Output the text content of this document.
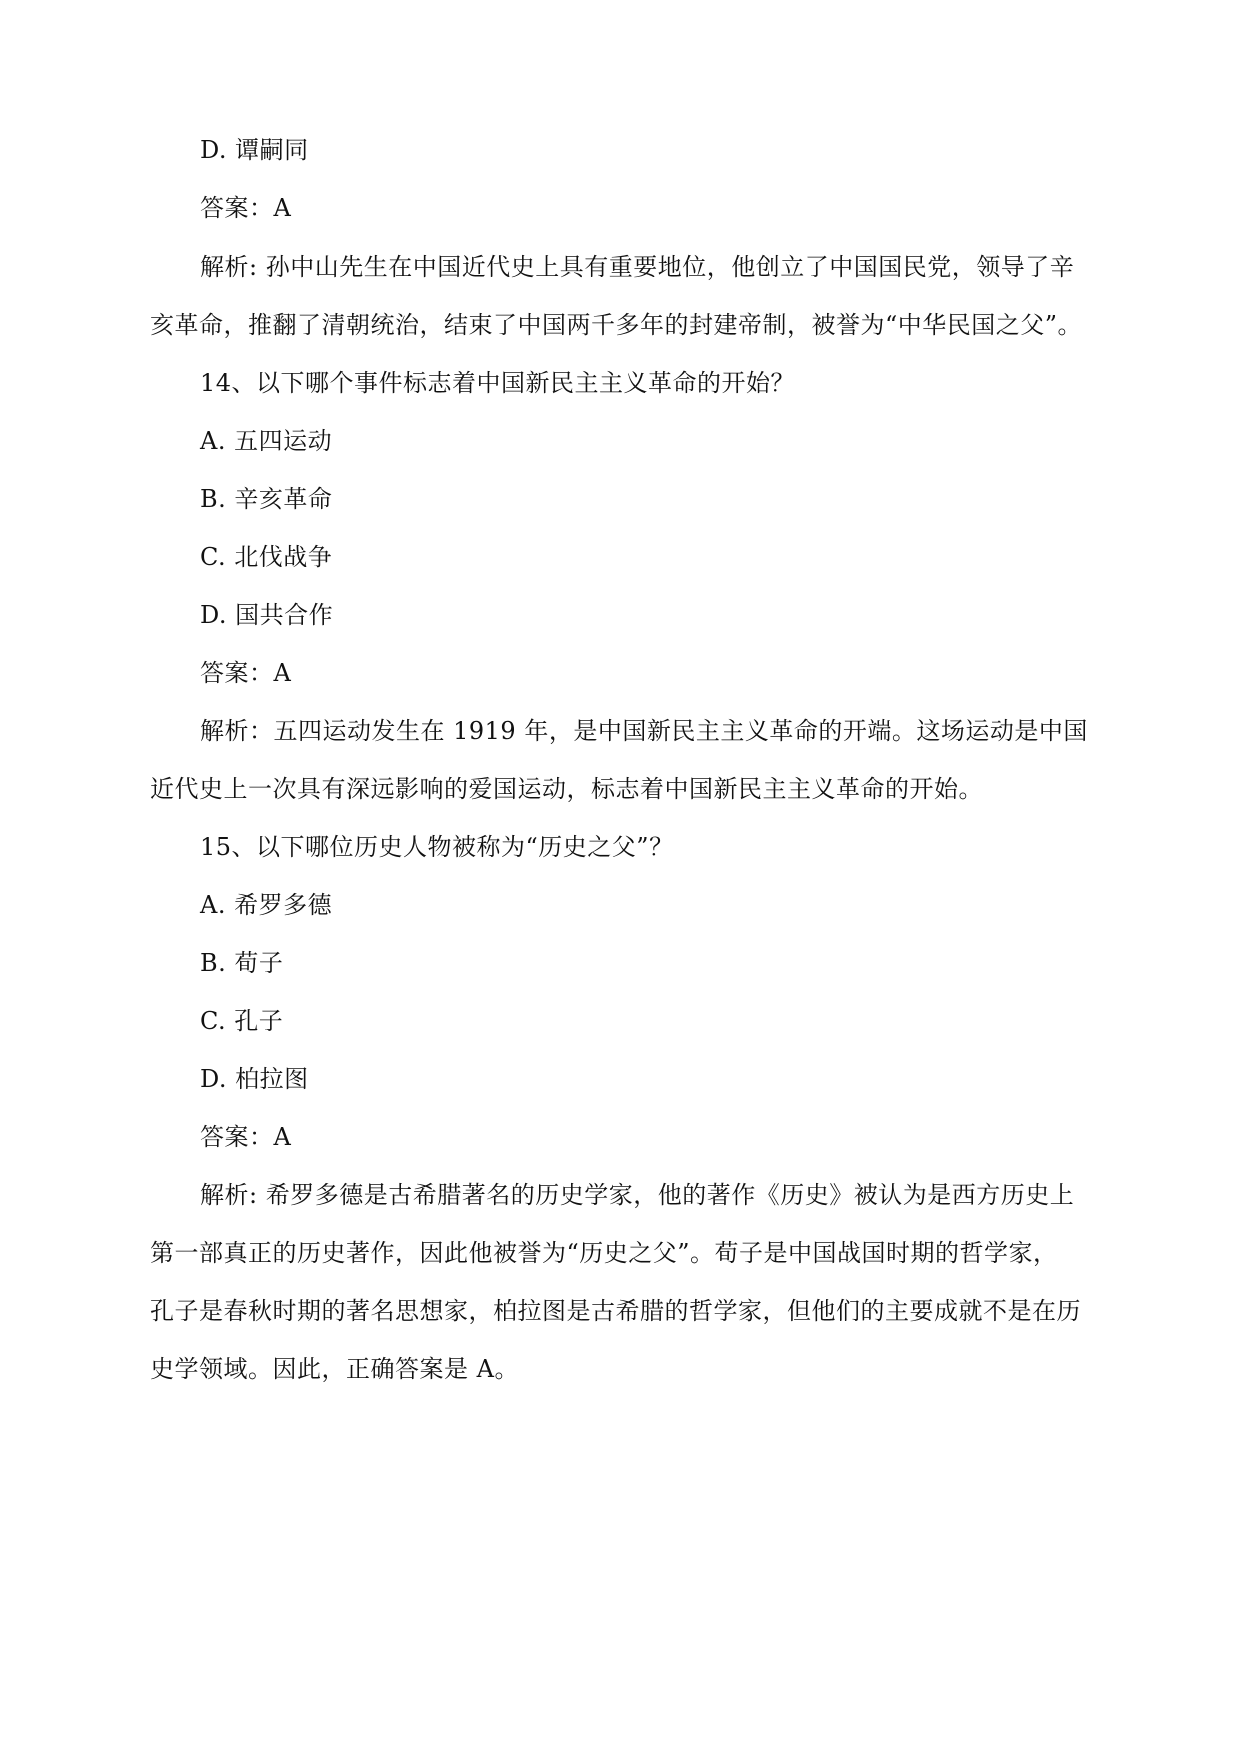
D. 谭嗣同
答案：A
解析: 孙中山先生在中国近代史上具有重要地位，他创立了中国国民党，领导了辛
亥革命，推翻了清朝统治，结束了中国两千多年的封建帝制，被誉为“中华民国之父”。
14、以下哪个事件标志着中国新民主主义革命的开始？
A. 五四运动
B. 辛亥革命
C. 北伐战争
D. 国共合作
答案：A
解析：五四运动发生在 1919 年，是中国新民主主义革命的开端。这场运动是中国
近代史上一次具有深远影响的爱国运动，标志着中国新民主主义革命的开始。
15、以下哪位历史人物被称为“历史之父”？
A. 希罗多德
B. 荀子
C. 孔子
D. 柏拉图
答案：A
解析: 希罗多德是古希腊著名的历史学家，他的著作《历史》被认为是西方历史上
第一部真正的历史著作，因此他被誉为“历史之父”。荀子是中国战国时期的哲学家，
孔子是春秋时期的著名思想家，柏拉图是古希腊的哲学家，但他们的主要成就不是在历
史学领域。因此，正确答案是 A。
